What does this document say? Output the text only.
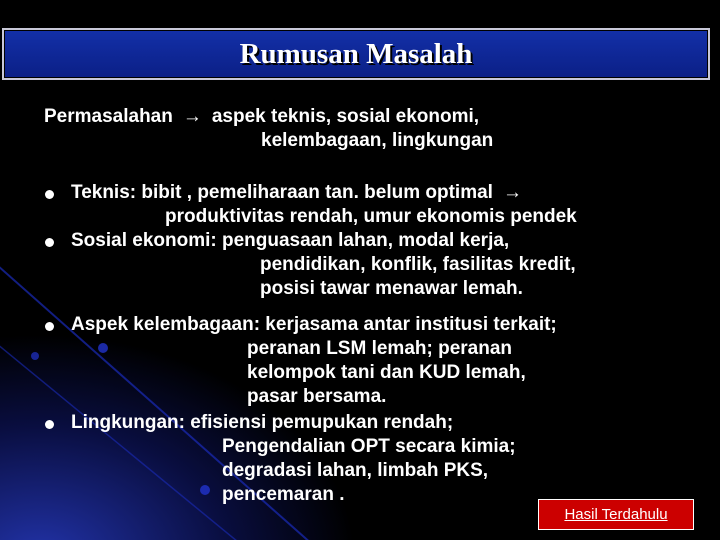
Rumusan Masalah
Permasalahan → aspek teknis, sosial ekonomi,
kelembagaan, lingkungan
Teknis: bibit , pemeliharaan tan. belum optimal →
produktivitas rendah, umur ekonomis pendek
Sosial ekonomi: penguasaan lahan, modal kerja,
pendidikan, konflik, fasilitas kredit,
posisi tawar menawar lemah.
Aspek kelembagaan: kerjasama antar institusi terkait;
peranan LSM lemah; peranan
kelompok tani dan KUD lemah,
pasar bersama.
Lingkungan: efisiensi pemupukan rendah;
Pengendalian OPT secara kimia;
degradasi lahan, limbah PKS,
pencemaran .
Hasil Terdahulu
